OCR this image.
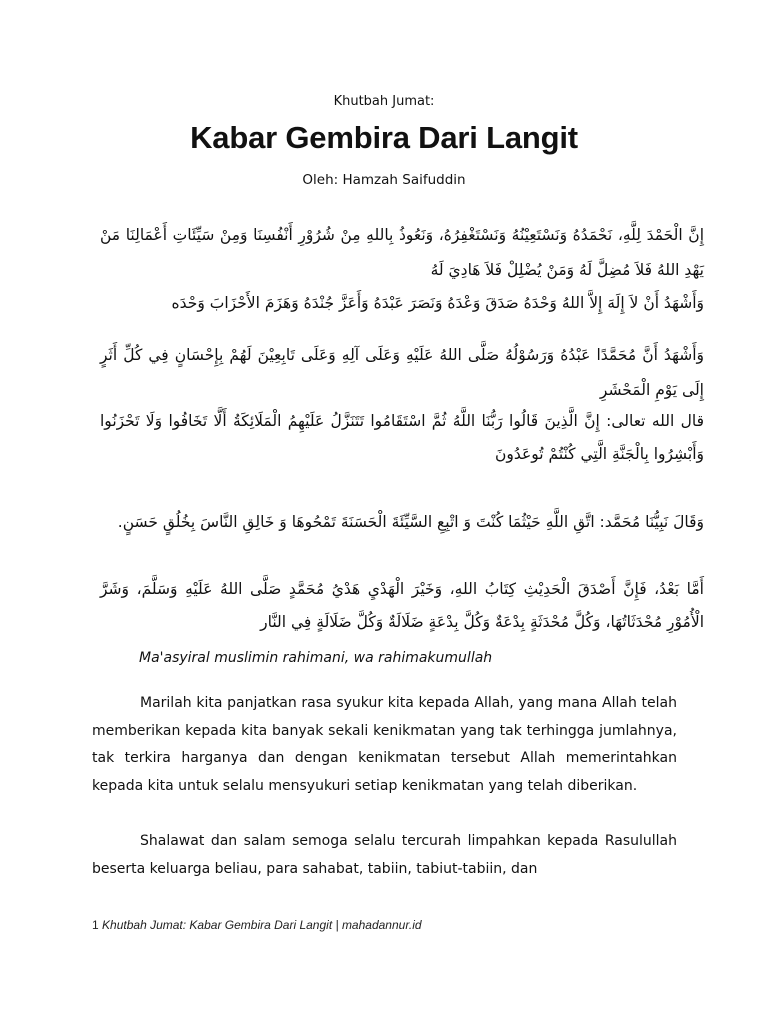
Khutbah Jumat:
Kabar Gembira Dari Langit
Oleh: Hamzah Saifuddin
إِنَّ الْحَمْدَ لِلَّهِ، نَحْمَدُهُ وَنَسْتَعِيْنُهُ وَنَسْتَغْفِرُهُ، وَنَعُوذُ بِاللهِ مِنْ شُرُوْرِ أَنْفُسِنَا وَمِنْ سَيِّئَاتِ أَعْمَالِنَا مَنْ يَهْدِ اللهُ فَلاَ مُضِلَّ لَهُ وَمَنْ يُضْلِلْ فَلاَ هَادِيَ لَهُ
وَأَشْهَدُ أَنْ لاَ إِلَهَ إِلاَّ اللهُ وَحْدَهُ صَدَقَ وَعْدَهُ وَنَصَرَ عَبْدَهُ وَأَعَزَّ جُنْدَهُ وَهَزَمَ الأَحْزَابَ وَحْدَه
وَأَشْهَدُ أَنَّ مُحَمَّدًا عَبْدُهُ وَرَسُوْلُهُ صَلَّى اللهُ عَلَيْهِ وَعَلَى آلِهِ وَعَلَى تَابِعِيْنَ لَهُمْ بِإِحْسَانٍ فِي كُلِّ أَثَرٍ إِلَى يَوْمِ الْمَحْشَرِ
قال الله تعالى: إِنَّ الَّذِينَ قَالُوا رَبُّنَا اللَّهُ ثُمَّ اسْتَقَامُوا تَتَنَزَّلُ عَلَيْهِمُ الْمَلَائِكَةُ أَلَّا تَخَافُوا وَلَا تَحْزَنُوا وَأَبْشِرُوا بِالْجَنَّةِ الَّتِي كُنْتُمْ تُوعَدُونَ
وَقَالَ نَبِيُّنَا مُحَمَّد: اتَّقِ اللَّهِ حَيْثُمَا كُنْتَ وَ اتْبِعِ السَّيِّئَةَ الْحَسَنَةَ تَمْحُوهَا وَ خَالِقِ النَّاسَ بِخُلُقٍ حَسَنٍ.
أَمَّا بَعْدُ، فَإِنَّ أَصْدَقَ الْحَدِيْثِ كِتَابُ اللهِ، وَخَيْرَ الْهَدْيِ هَدْيُ مُحَمَّدٍ صَلَّى اللهُ عَلَيْهِ وَسَلَّمَ، وَشَرَّ الْأُمُوْرِ مُحْدَثَاتُهَا، وَكُلَّ مُحْدَثَةٍ بِدْعَةٌ وَكُلَّ بِدْعَةٍ ضَلَالَةٌ وَكُلَّ ضَلَالَةٍ فِي النَّار
Ma'asyiral muslimin rahimani, wa rahimakumullah
Marilah kita panjatkan rasa syukur kita kepada Allah, yang mana Allah telah memberikan kepada kita banyak sekali kenikmatan yang tak terhingga jumlahnya, tak terkira harganya dan dengan kenikmatan tersebut Allah memerintahkan kepada kita untuk selalu mensyukuri setiap kenikmatan yang telah diberikan.
Shalawat dan salam semoga selalu tercurah limpahkan kepada Rasulullah beserta keluarga beliau, para sahabat, tabiin, tabiut-tabiin, dan
1 Khutbah Jumat: Kabar Gembira Dari Langit | mahadannur.id
